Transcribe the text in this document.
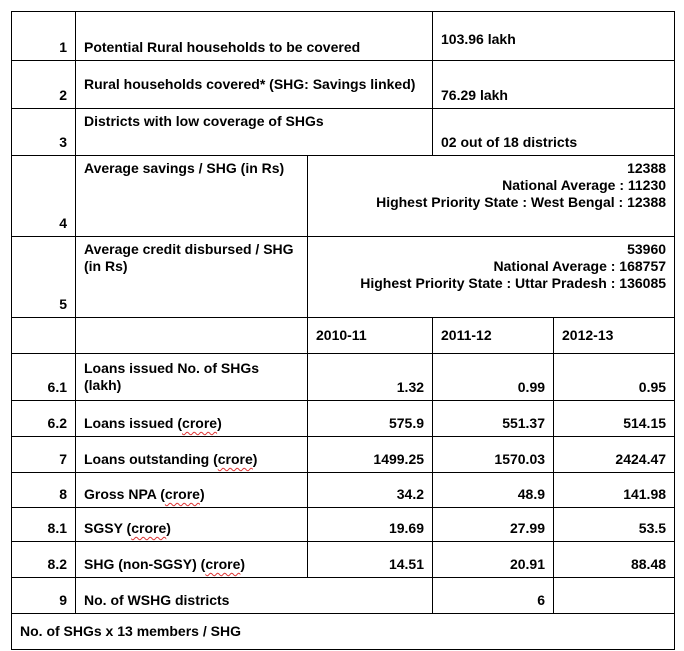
1	Potential Rural households to be covered		103.96 lakh	
2	Rural households covered* (SHG: Savings linked)		76.29 lakh	
3	Districts with low coverage of SHGs		02 out of 18 districts	
4	Average savings / SHG (in Rs)	12388
National Average : 11230
Highest Priority State : West Bengal : 12388		

5	Average credit disbursed / SHG (in Rs)	53960
National Average : 168757
Highest Priority State : Uttar Pradesh : 136085		

		2010-11	2011-12	2012-13
6.1	Loans issued No. of SHGs (lakh)	1.32	0.99	0.95
6.2	Loans issued (crore)	575.9	551.37	514.15
7	Loans outstanding (crore)	1499.25	1570.03	2424.47
8	Gross NPA (crore)	34.2	48.9	141.98
8.1	SGSY (crore)	19.69	27.99	53.5
8.2	SHG (non-SGSY) (crore)	14.51	20.91	88.48
9	No. of WSHG districts		6	
No. of SHGs x 13 members / SHG				
